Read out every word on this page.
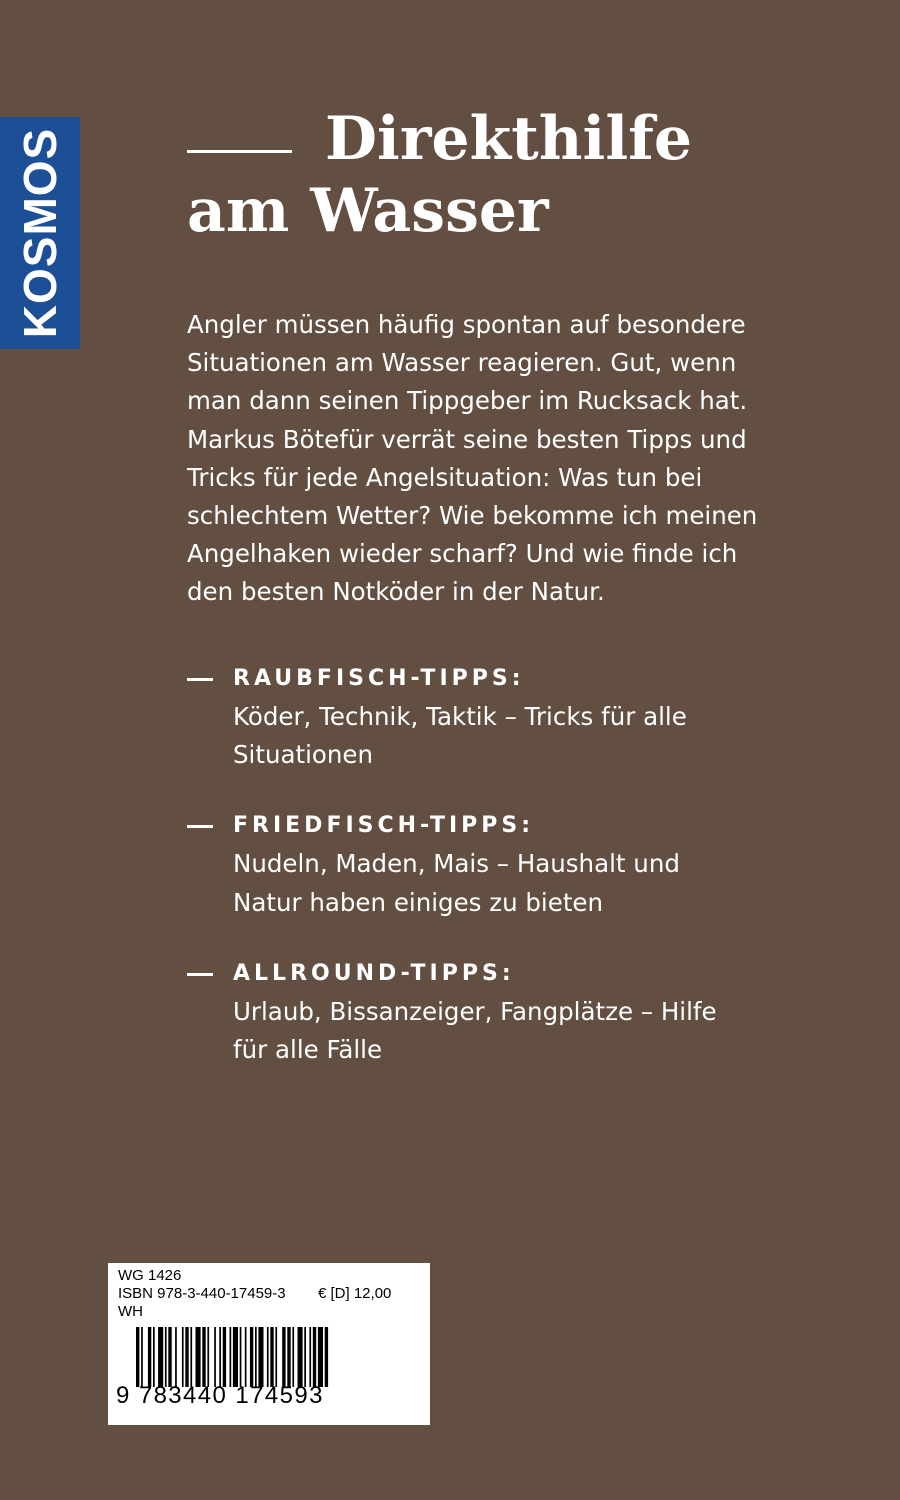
KOSMOS	Direkthilfe
am Wasser

Angler müssen häufig spontan auf besondere
Situationen am Wasser reagieren. Gut, wenn
man dann seinen Tippgeber im Rucksack hat.
Markus Bötefür verrät seine besten Tipps und
Tricks für jede Angelsituation: Was tun bei
schlechtem Wetter? Wie bekomme ich meinen
Angelhaken wieder scharf? Und wie finde ich
den besten Notköder in der Natur.

RAUBFISCH-TIPPS:
Köder, Technik, Taktik – Tricks für alle
Situationen
FRIEDFISCH-TIPPS:
Nudeln, Maden, Mais – Haushalt und
Natur haben einiges zu bieten
ALLROUND-TIPPS:
Urlaub, Bissanzeiger, Fangplätze – Hilfe
für alle Fälle
WG 1426
ISBN 978-3-440-17459-3 € [D] 12,00
WH
9 783440 174593	kosmos.de
